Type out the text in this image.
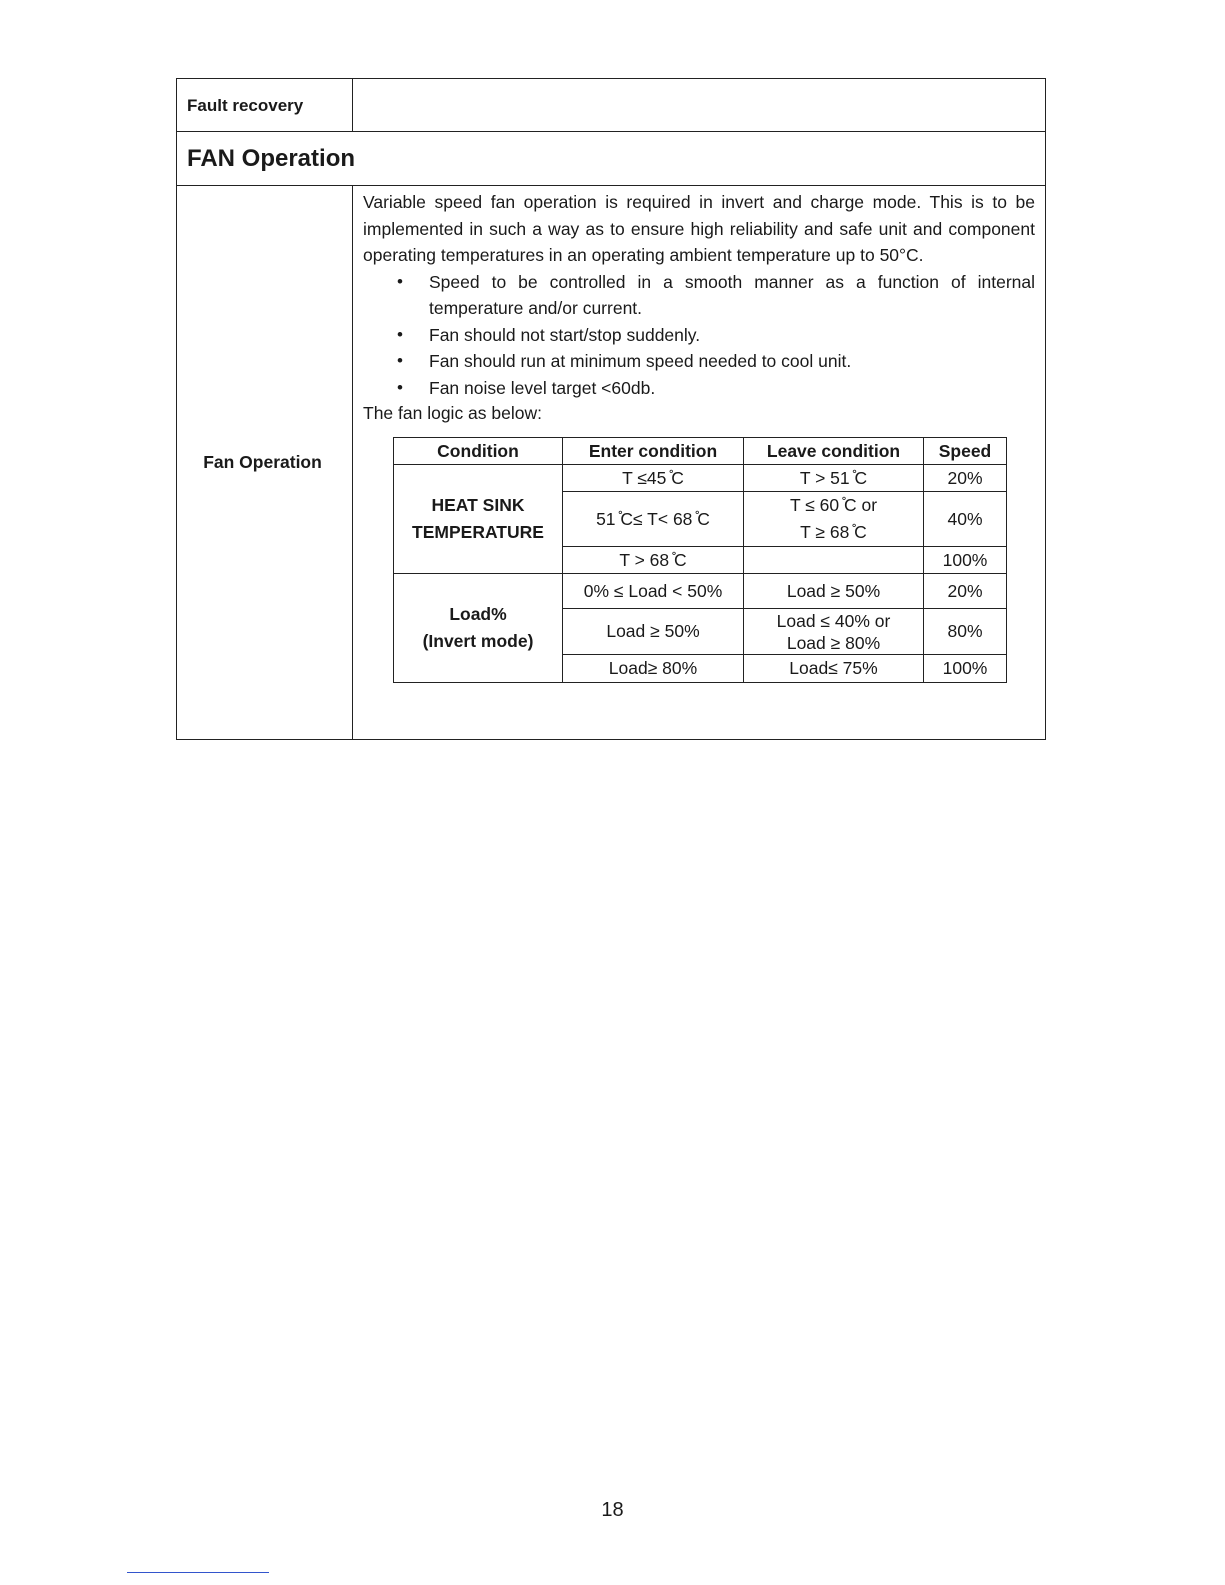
Fault recovery
FAN Operation
Fan Operation

Variable speed fan operation is required in invert and charge mode. This is to be implemented in such a way as to ensure high reliability and safe unit and component operating temperatures in an operating ambient temperature up to 50°C.

• Speed to be controlled in a smooth manner as a function of internal temperature and/or current.
• Fan should not start/stop suddenly.
• Fan should run at minimum speed needed to cool unit.
• Fan noise level target <60db.

The fan logic as below:

Condition	Enter condition	Leave condition	Speed

HEAT SINK
TEMPERATURE	T ≤45 ̊C	T > 51 ̊C	20%
	51 ̊C≤ T< 68 ̊C	T ≤ 60 ̊C or
T ≥ 68 ̊C	40%
	T > 68 ̊C		100%

Load%
(Invert mode)	0% ≤ Load < 50%	Load ≥ 50%	20%
	Load ≥ 50%	Load ≤ 40% or
Load ≥ 80%	80%
	Load≥ 80%	Load≤ 75%	100%
18
